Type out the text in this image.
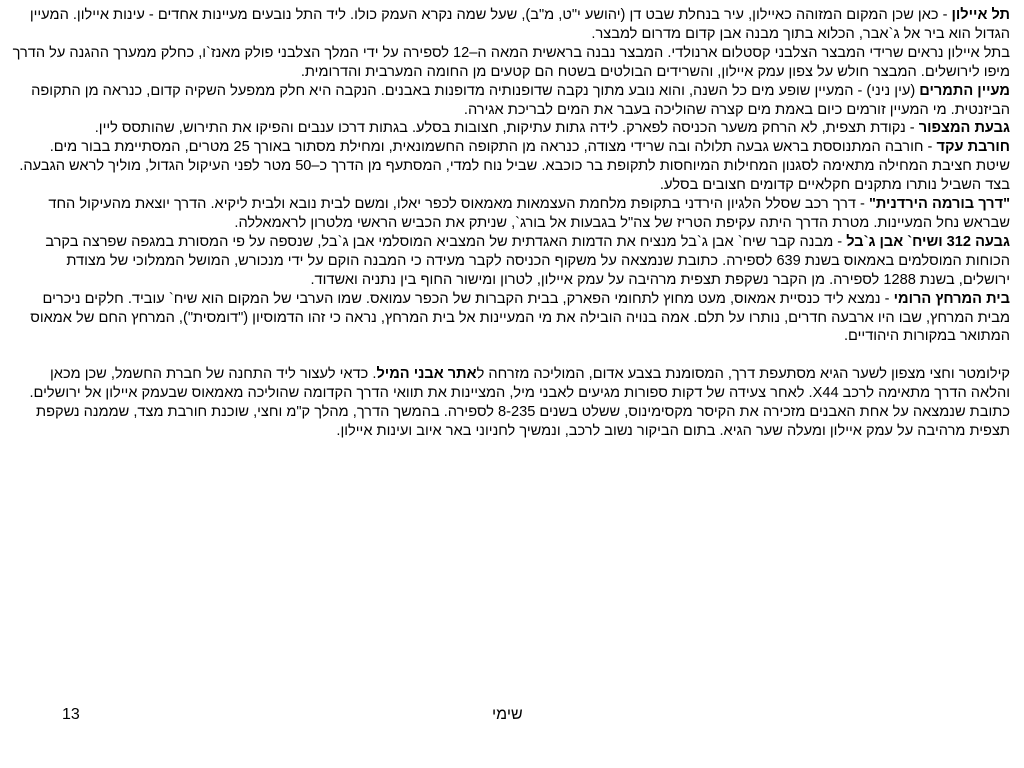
תל איילון - כאן שכן המקום המזוהה כאיילון, עיר בנחלת שבט דן (יהושע י"ט, מ"ב), שעל שמה נקרא העמק כולו. ליד התל נובעים מעיינות אחדים - עינות איילון. המעיין הגדול הוא ביר אל ג`אבר, הכלוא בתוך מבנה אבן קדום מדרום למבצר.

בתל איילון נראים שרידי המבצר הצלבני קסטלום ארנולדי. המבצר נבנה בראשית המאה ה–12 לספירה על ידי המלך הצלבני פולק מאנז`ו, כחלק ממערך ההגנה על הדרך מיפו לירושלים. המבצר חולש על צפון עמק איילון, והשרידים הבולטים בשטח הם קטעים מן החומה המערבית והדרומית.

מעיין התמרים (עין ניני) - המעיין שופע מים כל השנה, והוא נובע מתוך נקבה שדופנותיה מדופנות באבנים. הנקבה היא חלק ממפעל השקיה קדום, כנראה מן התקופה הביזנטית. מי המעיין זורמים כיום באמת מים קצרה שהוליכה בעבר את המים לבריכת אגירה.

גבעת המצפור - נקודת תצפית, לא הרחק משער הכניסה לפארק. לידה גתות עתיקות, חצובות בסלע. בגתות דרכו ענבים והפיקו את התירוש, שהותסס ליין.

חורבת עקד - חורבה המתנוססת בראש גבעה תלולה ובה שרידי מצודה, כנראה מן התקופה החשמונאית, ומחילת מסתור באורך 25 מטרים, המסתיימת בבור מים. שיטת חציבת המחילה מתאימה לסגנון המחילות המיוחסות לתקופת בר כוכבא. שביל נוח למדי, המסתעף מן הדרך כ–50 מטר לפני העיקול הגדול, מוליך לראש הגבעה. בצד השביל נותרו מתקנים חקלאיים קדומים חצובים בסלע.

"דרך בורמה הירדנית" - דרך רכב שסלל הלגיון הירדני בתקופת מלחמת העצמאות מאמאוס לכפר יאלו, ומשם לבית נובא ולבית ליקיא. הדרך יוצאת מהעיקול החד שבראש נחל המעיינות. מטרת הדרך היתה עקיפת הטריז של צה"ל בגבעות אל בורג`, שניתק את הכביש הראשי מלטרון לראמאללה.

גבעה 312 ושיח` אבן ג`בל - מבנה קבר שיח` אבן ג`בל מנציח את הדמות האגדתית של המצביא המוסלמי אבן ג`בל, שנספה על פי המסורת במגפה שפרצה בקרב הכוחות המוסלמים באמאוס בשנת 639 לספירה. כתובת שנמצאה על משקוף הכניסה לקבר מעידה כי המבנה הוקם על ידי מנכורש, המושל הממלוכי של מצודת ירושלים, בשנת 1288 לספירה. מן הקבר נשקפת תצפית מרהיבה על עמק איילון, לטרון ומישור החוף בין נתניה ואשדוד.

בית המרחץ הרומי - נמצא ליד כנסיית אמאוס, מעט מחוץ לתחומי הפארק, בבית הקברות של הכפר עמואס. שמו הערבי של המקום הוא שיח` עוביד. חלקים ניכרים מבית המרחץ, שבו היו ארבעה חדרים, נותרו על תלם. אמה בנויה הובילה את מי המעיינות אל בית המרחץ, נראה כי זהו הדמוסיון ("דומסית"), המרחץ החם של אמאוס המתואר במקורות היהודיים.

קילומטר וחצי מצפון לשער הגיא מסתעפת דרך, המסומנת בצבע אדום, המוליכה מזרחה לאתר אבני המיל. כדאי לעצור ליד התחנה של חברת החשמל, שכן מכאן והלאה הדרך מתאימה לרכב X44. לאחר צעידה של דקות ספורות מגיעים לאבני מיל, המציינות את תוואי הדרך הקדומה שהוליכה מאמאוס שבעמק איילון אל ירושלים. כתובת שנמצאה על אחת האבנים מזכירה את הקיסר מקסימינוס, ששלט בשנים 8-235 לספירה. בהמשך הדרך, מהלך ק"מ וחצי, שוכנת חורבת מצד, שממנה נשקפת תצפית מרהיבה על עמק איילון ומעלה שער הגיא. בתום הביקור נשוב לרכב, ונמשיך לחניוני באר איוב ועינות איילון.

שימי
13
